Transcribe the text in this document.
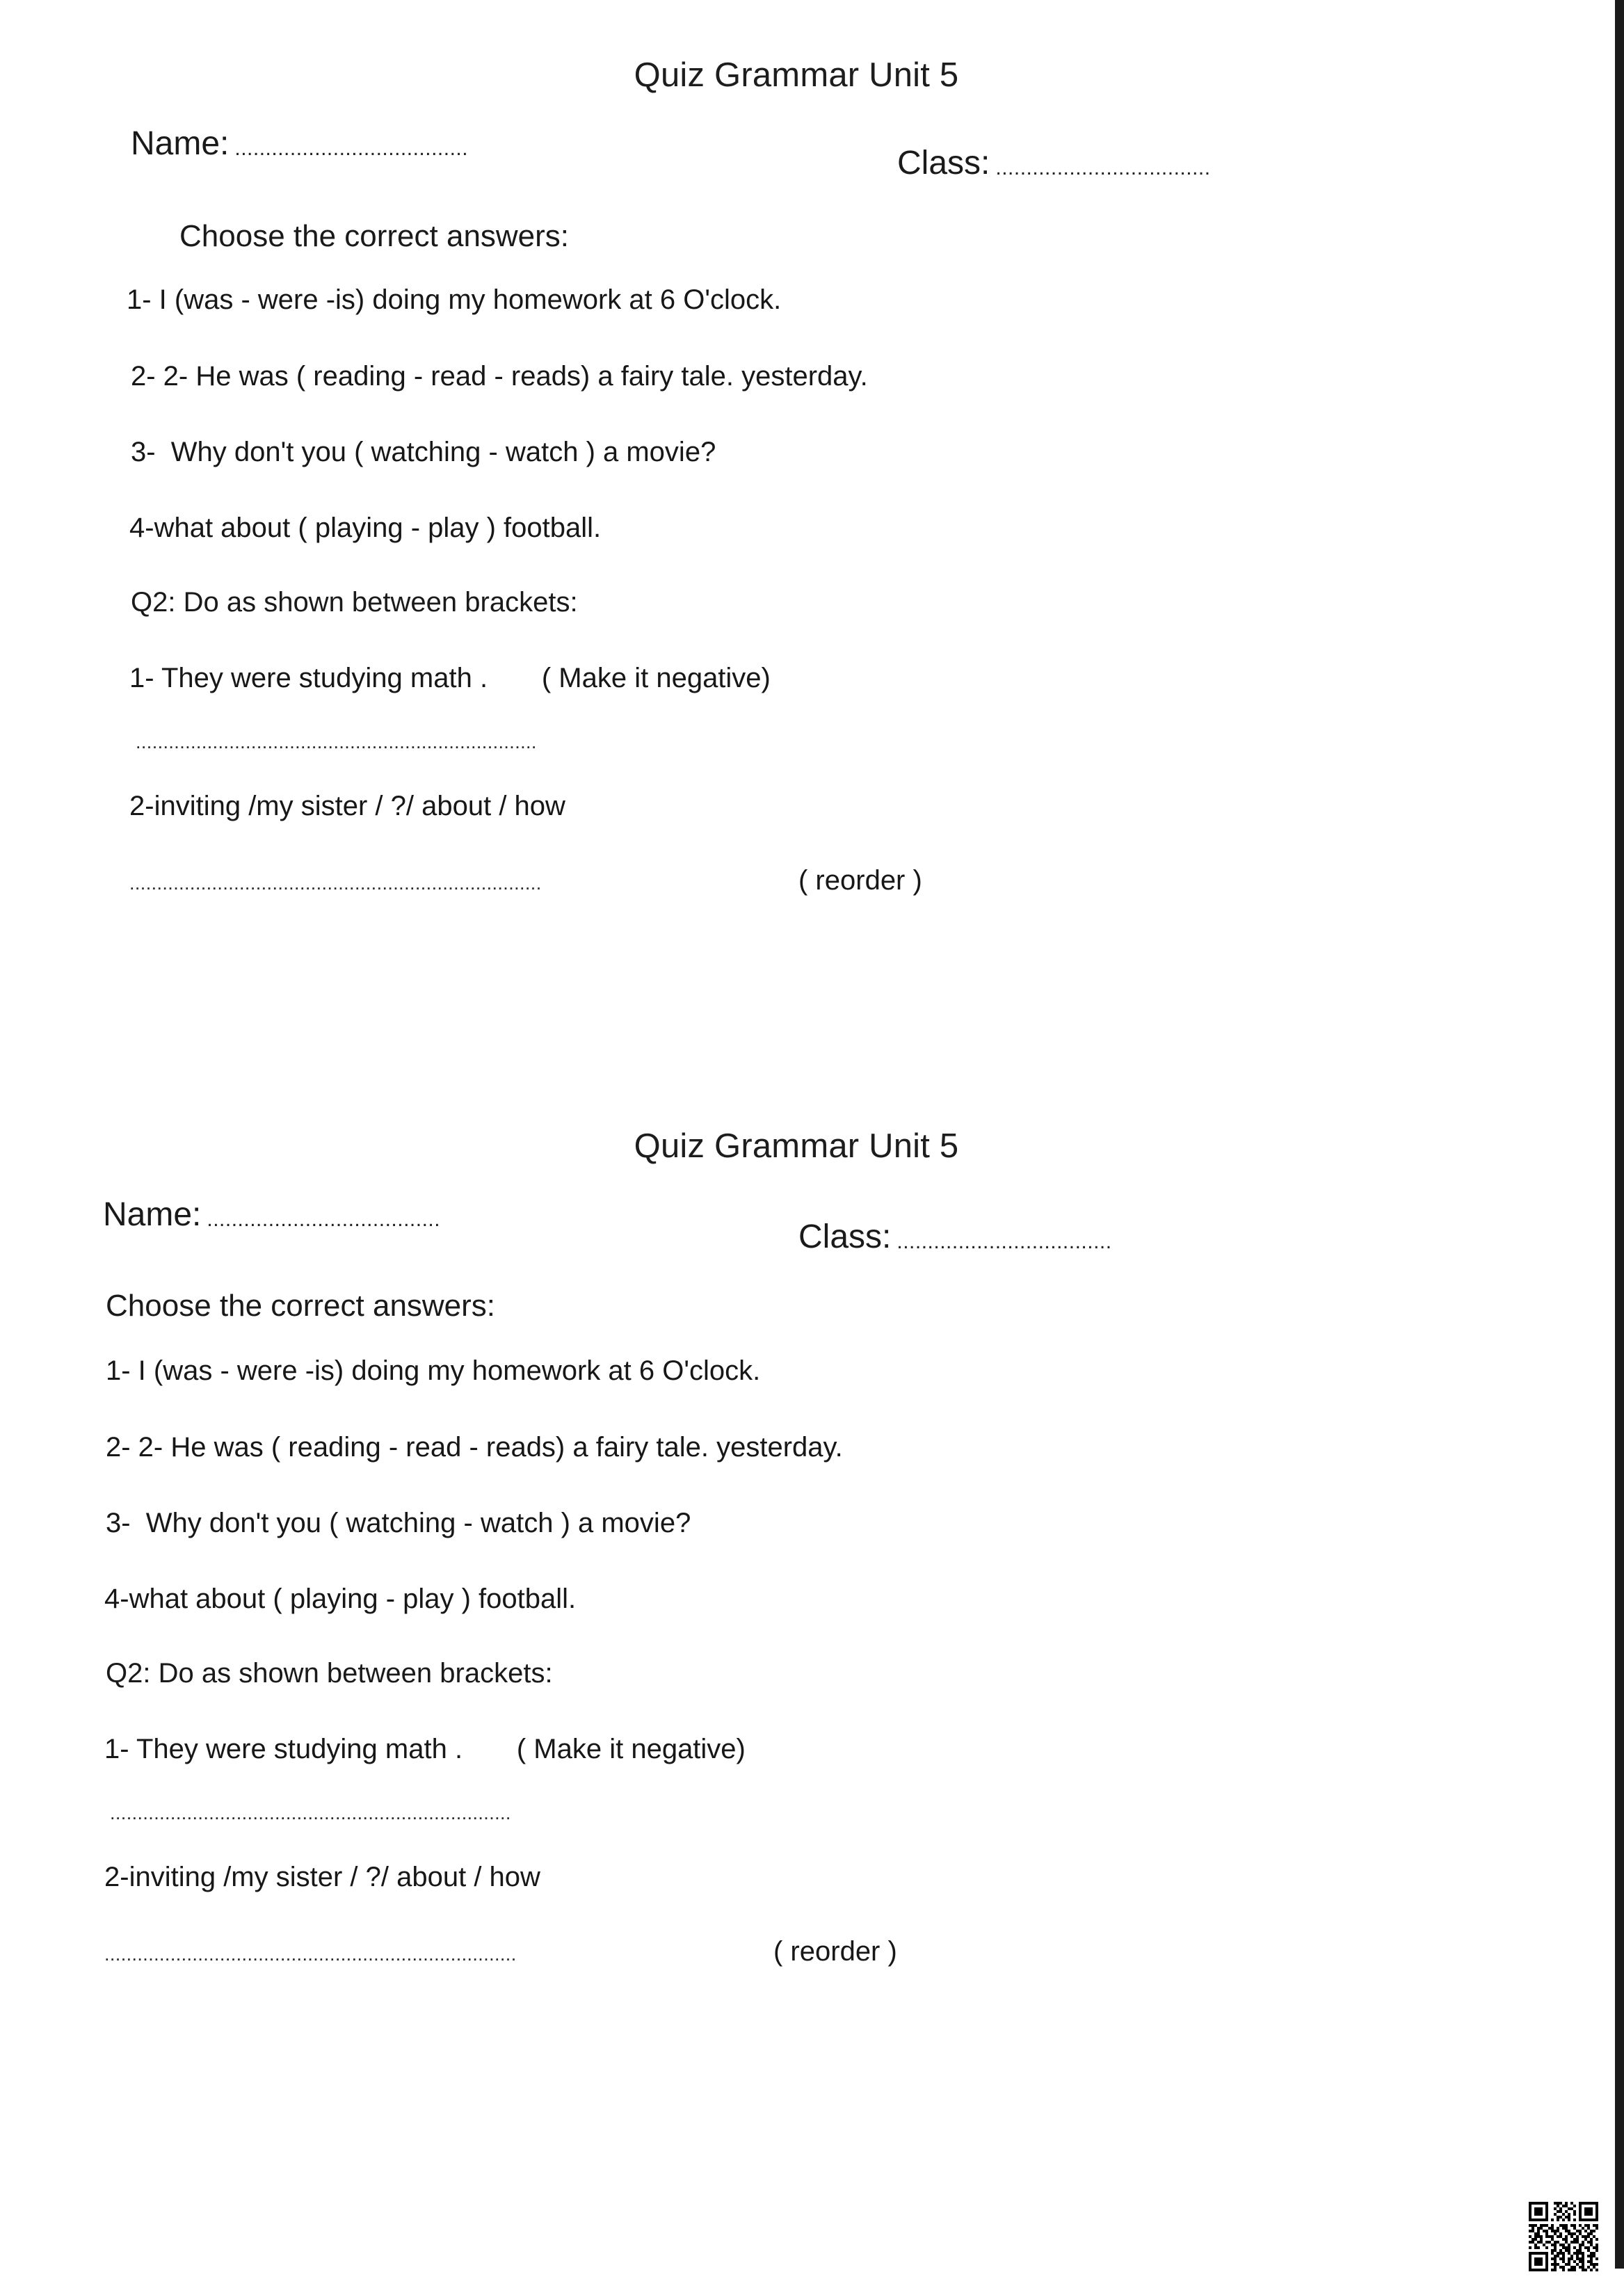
Quiz Grammar Unit 5
Name: ......................................	Class: ...................................
Choose the correct answers:
1- I (was - were -is) doing my homework at 6 O'clock.
2- 2- He was ( reading - read - reads) a fairy tale. yesterday.
3-  Why don't you ( watching - watch ) a movie?
4-what about ( playing - play ) football.
Q2: Do as shown between brackets:
1- They were studying math .       ( Make it negative)
.........................................................................
2-inviting /my sister / ?/ about / how
...........................................................................	( reorder )
Quiz Grammar Unit 5
Name: ......................................	Class: ...................................
Choose the correct answers:
1- I (was - were -is) doing my homework at 6 O'clock.
2- 2- He was ( reading - read - reads) a fairy tale. yesterday.
3-  Why don't you ( watching - watch ) a movie?
4-what about ( playing - play ) football.
Q2: Do as shown between brackets:
1- They were studying math .       ( Make it negative)
.........................................................................
2-inviting /my sister / ?/ about / how
...........................................................................	( reorder )
